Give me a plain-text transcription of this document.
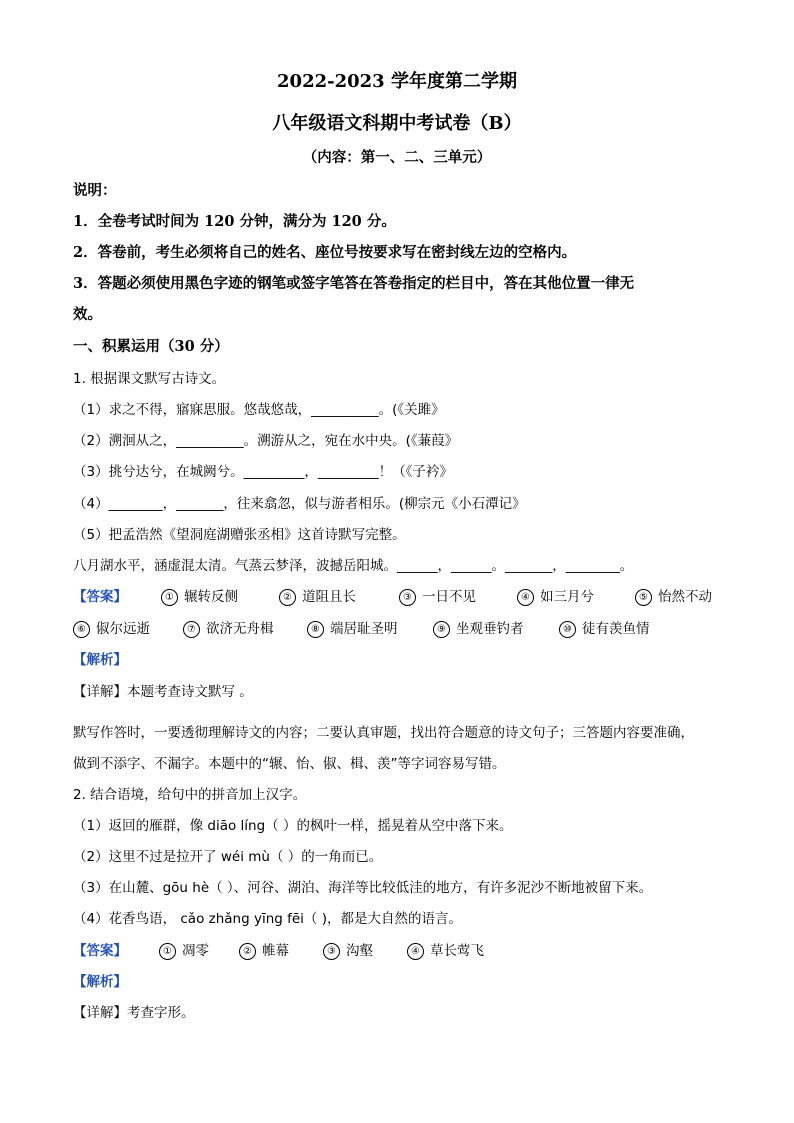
2022-2023 学年度第二学期
八年级语文科期中考试卷（B）
（内容：第一、二、三单元）
说明：
1．全卷考试时间为 120 分钟，满分为 120 分。
2．答卷前，考生必须将自己的姓名、座位号按要求写在密封线左边的空格内。
3．答题必须使用黑色字迹的钢笔或签字笔答在答卷指定的栏目中，答在其他位置一律无
效。
一、积累运用（30 分）
1. 根据课文默写古诗文。
（1）求之不得，寤寐思服。悠哉悠哉，__________。(《关雎》
（2）溯洄从之，__________。溯游从之，宛在水中央。(《蒹葭》
（3）挑兮达兮，在城阙兮。_________，_________！（《子衿》
（4）________，_______，往来翕忽，似与游者相乐。(柳宗元《小石潭记》
（5）把孟浩然《望洞庭湖赠张丞相》这首诗默写完整。
八月湖水平，涵虚混太清。气蒸云梦泽，波撼岳阳城。______，______。_______，________。
【答案】	① 辗转反侧	② 道阻且长	③ 一日不见	④ 如三月兮	⑤ 怡然不动
⑥ 俶尔远逝	⑦ 欲济无舟楫	⑧ 端居耻圣明	⑨ 坐观垂钓者	⑩ 徒有羡鱼情
【解析】
【详解】本题考查诗文默写 。
默写作答时，一要透彻理解诗文的内容；二要认真审题，找出符合题意的诗文句子；三答题内容要准确，
做到不添字、不漏字。本题中的“辗、怡、俶、楫、羡”等字词容易写错。
2. 结合语境，给句中的拼音加上汉字。
（1）返回的雁群，像 diāo líng（ ）的枫叶一样，摇晃着从空中落下来。
（2）这里不过是拉开了 wéi mù（ ）的一角而已。
（3）在山麓、gōu hè（ ）、河谷、湖泊、海洋等比较低洼的地方，有许多泥沙不断地被留下来。
（4）花香鸟语， cǎo zhǎng yīng fēi（ )，都是大自然的语言。
【答案】	① 凋零	② 帷幕	③ 沟壑	④ 草长莺飞
【解析】
【详解】考查字形。
